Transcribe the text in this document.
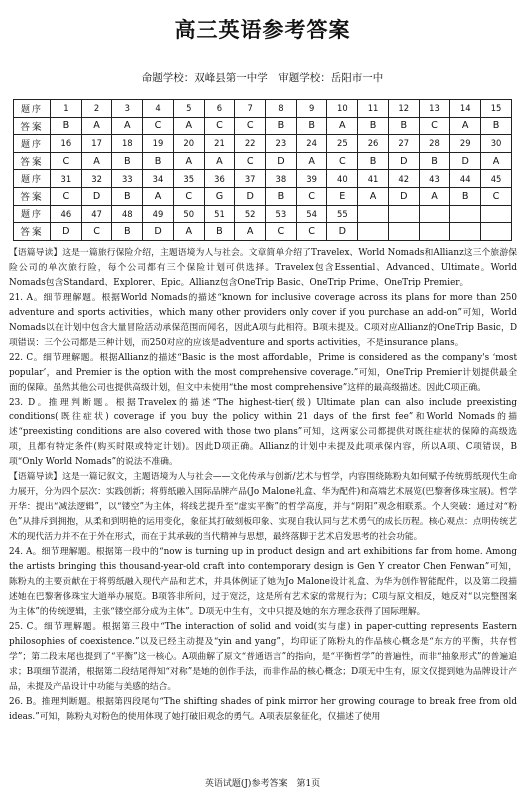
高三英语参考答案
命题学校：双峰县第一中学　审题学校：岳阳市一中
题序	1	2	3	4	5	6	7	8	9	10	11	12	13	14	15
答案	B	A	A	C	A	C	C	B	B	A	B	B	C	A	B
题序	16	17	18	19	20	21	22	23	24	25	26	27	28	29	30
答案	C	A	B	B	A	A	C	D	A	C	B	D	B	D	A
题序	31	32	33	34	35	36	37	38	39	40	41	42	43	44	45
答案	C	D	B	A	C	G	D	B	C	E	A	D	A	B	C
题序	46	47	48	49	50	51	52	53	54	55					
答案	D	C	B	D	A	B	A	C	C	D					

【语篇导读】这是一篇旅行保险介绍，主题语境为人与社会。文章简单介绍了Travelex、World Nomads和Allianz这三个旅游保险公司的单次旅行险，每个公司都有三个保险计划可供选择。Travelex包含Essential、Advanced、Ultimate。World Nomads包含Standard、Explorer、Epic。Allianz包含OneTrip Basic、OneTrip Prime、OneTrip Premier。

21. A。细节理解题。根据World Nomads的描述“known for inclusive coverage across its plans for more than 250 adventure and sports activities，which many other providers only cover if you purchase an add-on”可知，World Nomads以在计划中包含大量冒险活动承保范围而闻名，因此A项与此相符。B项未提及。C项对应Allianz的OneTrip Basic，D项错误：三个公司都是三种计划，而250对应的应该是adventure and sports activities，不是insurance plans。

22. C。细节理解题。根据Allianz的描述“Basic is the most affordable，Prime is considered as the company's ‘most popular’，and Premier is the option with the most comprehensive coverage.”可知，OneTrip Premier计划提供最全面的保障。虽然其他公司也提供高级计划，但文中未使用“the most comprehensive”这样的最高级描述。因此C项正确。

23. D。推理判断题。根据Travelex的描述“The highest-tier(级) Ultimate plan can also include preexisting conditions(既往症状) coverage if you buy the policy within 21 days of the first fee”和World Nomads的描述“preexisting conditions are also covered with those two plans”可知，这两家公司都提供对既往症状的保障的高级选项，且都有特定条件(购买时限或特定计划)。因此D项正确。Allianz的计划中未提及此项承保内容，所以A项、C项错误，B项“Only World Nomads”的说法不准确。

【语篇导读】这是一篇记叙文，主题语境为人与社会——文化传承与创新/艺术与哲学，内容围绕陈粉丸如何赋予传统剪纸现代生命力展开，分为四个层次：实践创新；将剪纸融入国际品牌产品(Jo Malone礼盒、华为配件)和高端艺术展览(巴黎奢侈珠宝展)。哲学开华：提出“减法逻辑”，以“镂空”为主体，将线艺提升至“虚实平衡”的哲学高度，并与“阴阳”观念相联系。个人突破：通过对“粉色”从排斥到拥抱，从柔和到明艳的运用变化，象征其打破刻板印象、实现自我认同与艺术勇气的成长历程。核心观点：点明传统艺术的现代活力并不在于外在形式，而在于其承载的当代精神与思想，最终落脚于艺术启发思考的社会功能。

24. A。细节理解题。根据第一段中的“now is turning up in product design and art exhibitions far from home. Among the artists bringing this thousand-year-old craft into contemporary design is Gen Y creator Chen Fenwan”可知，陈粉丸的主要贡献在于将剪纸融入现代产品和艺术，并具体例证了她为Jo Malone设计礼盒、为华为创作智能配件，以及第二段描述她在巴黎奢侈珠宝大道举办展览。B项答非所问，过于宽泛，这是所有艺术家的常规行为；C项与原文相反，她反对“以完整图案为主体”的传统逻辑，主张“镂空部分成为主体”。D项无中生有，文中只提及她的东方理念获得了国际理解。

25. C。细节理解题。根据第三段中“The interaction of solid and void(实与虚) in paper-cutting represents Eastern philosophies of coexistence.”以及已经主动提及“yin and yang”，均印证了陈粉丸的作品核心概念是“东方的平衡，共存哲学”；第二段末尾也提到了“平衡”这一核心。A项曲解了原文“普通语言”的指向，是“平衡哲学”的普遍性，而非“抽象形式”的普遍追求；B项细节混淆，根据第二段结尾得知“对称”是她的创作手法，而非作品的核心概念；D项无中生有，原文仅提到她为品牌设计产品，未提及产品设计中功能与美感的结合。

26. B。推理判断题。根据第四段尾句“The shifting shades of pink mirror her growing courage to break free from old ideas.”可知，陈粉丸对粉色的使用体现了她打破旧观念的勇气。A项表层象征化，仅描述了使用

英语试题(J)参考答案　第1页
